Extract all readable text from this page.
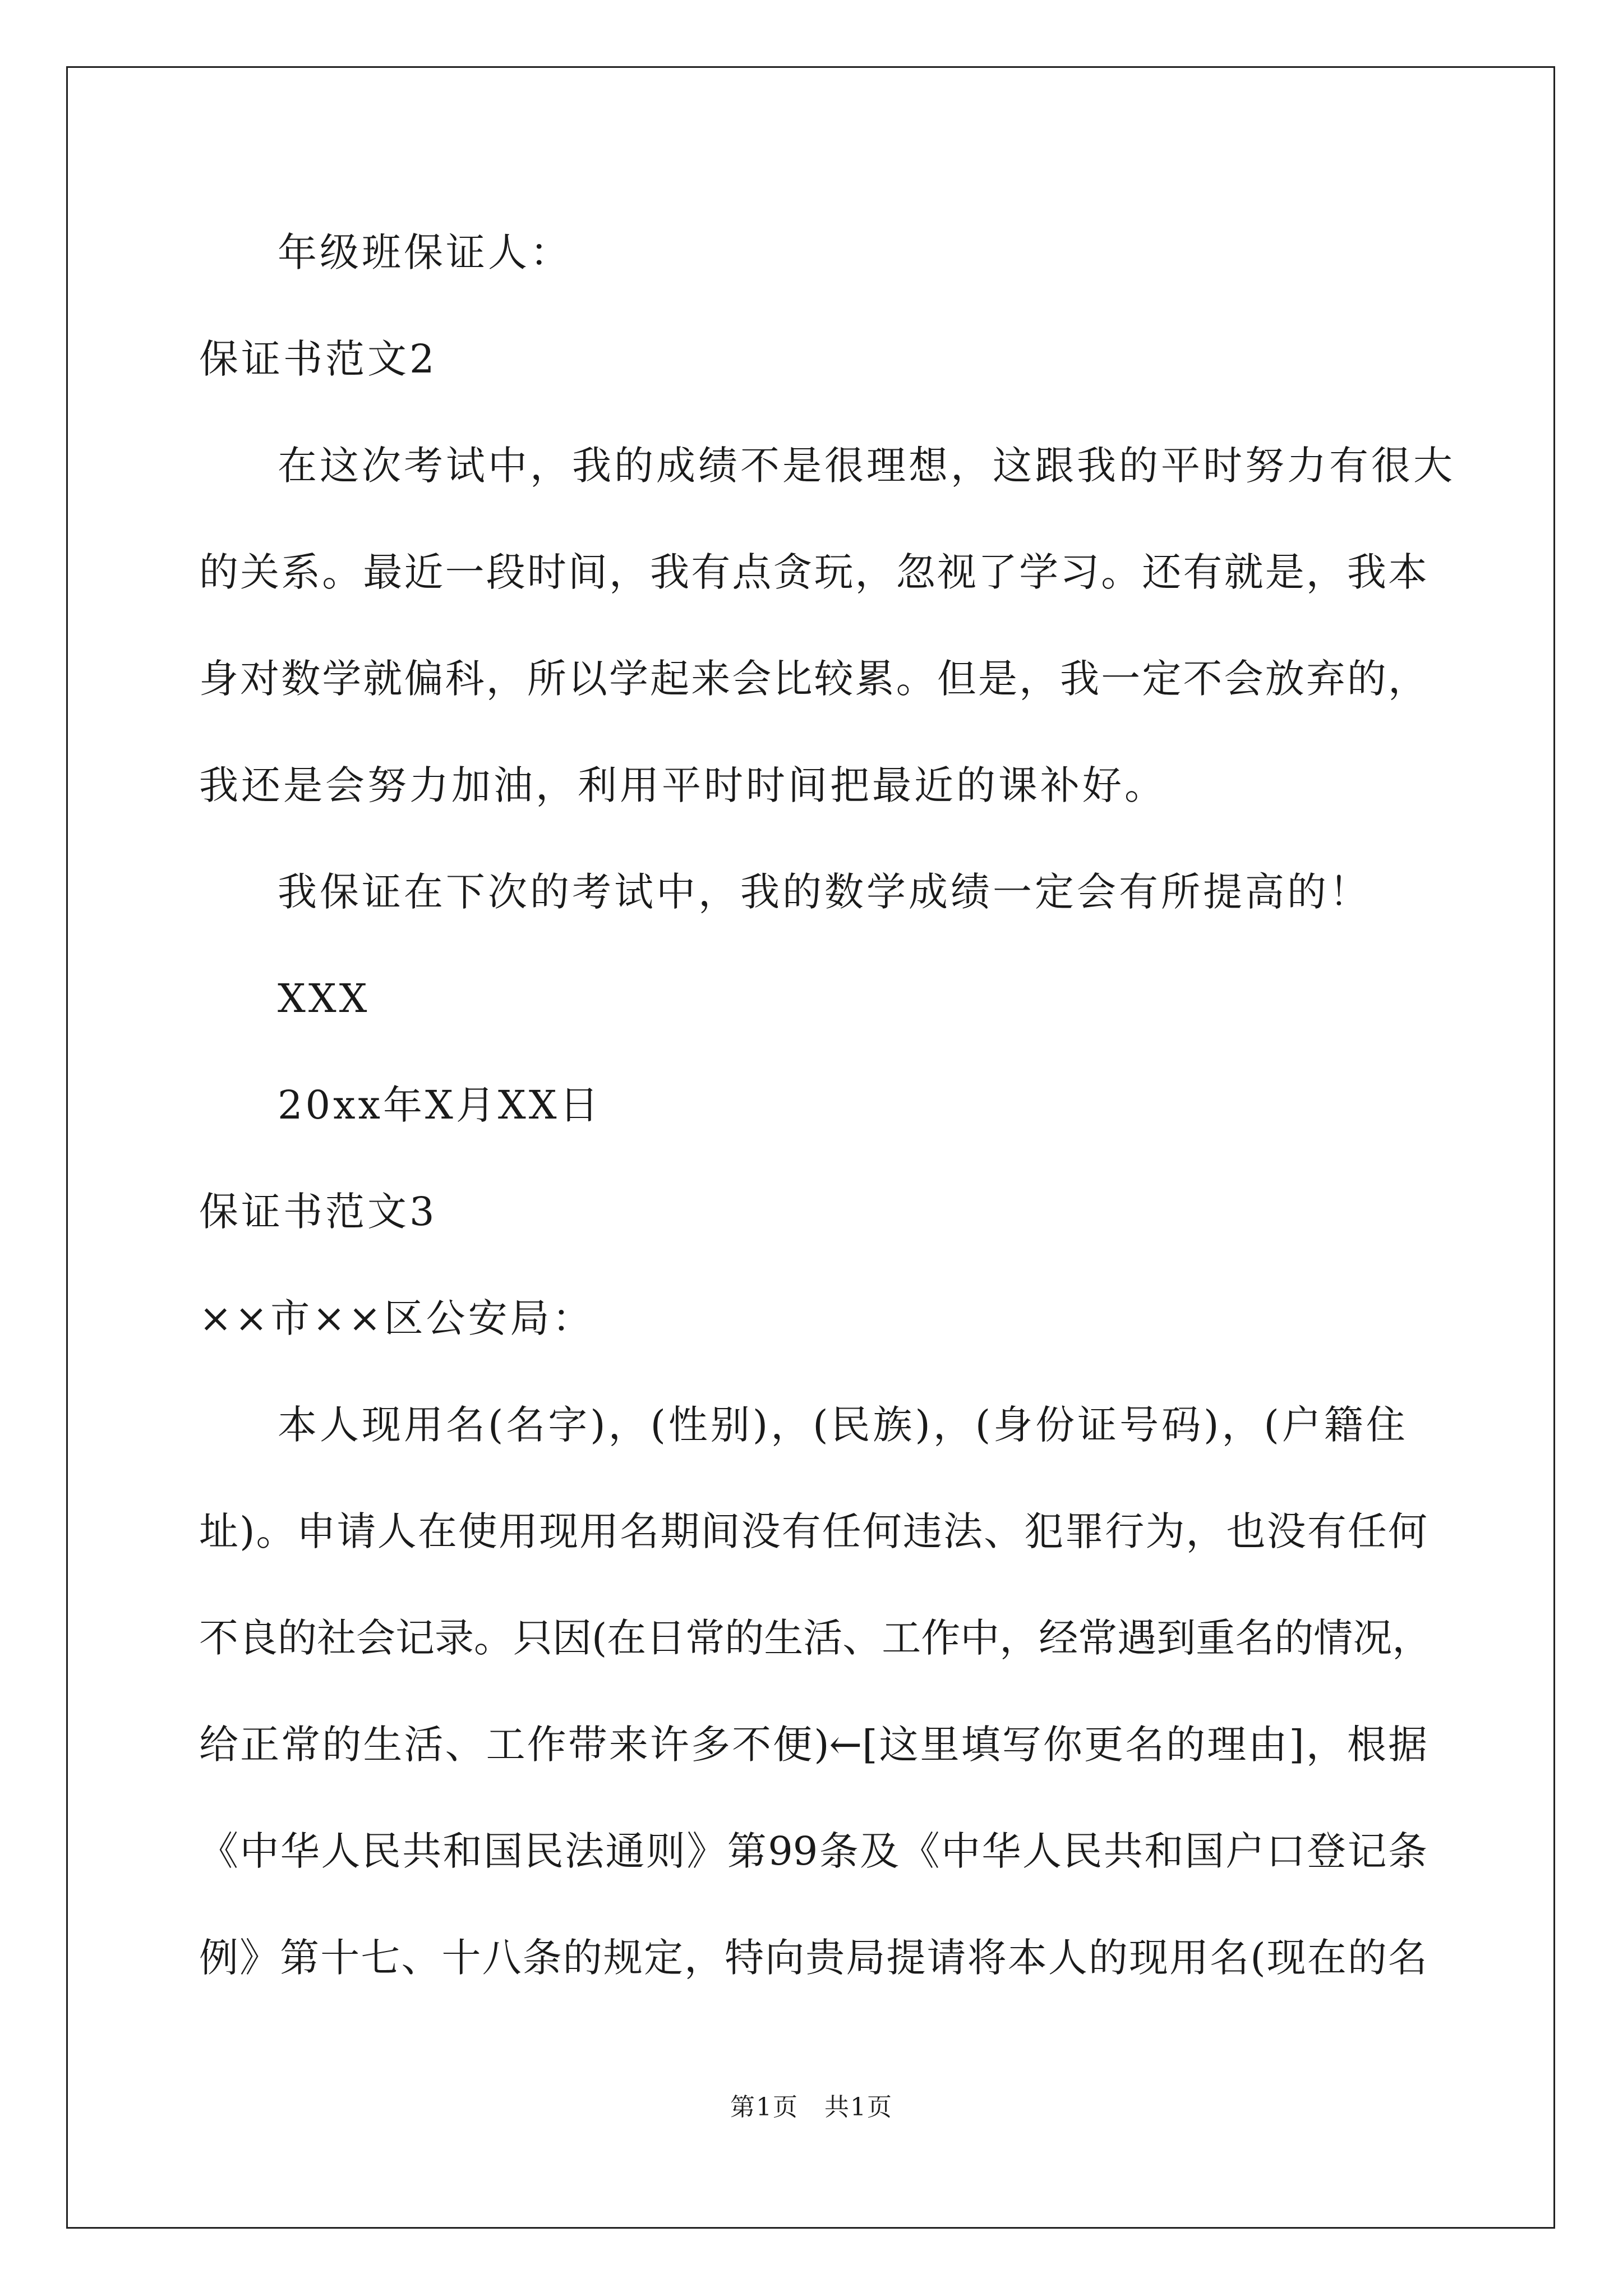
年级班保证人：
保证书范文2
在这次考试中，我的成绩不是很理想，这跟我的平时努力有很大
的关系。最近一段时间，我有点贪玩，忽视了学习。还有就是，我本
身对数学就偏科，所以学起来会比较累。但是，我一定不会放弃的，
我还是会努力加油，利用平时时间把最近的课补好。
我保证在下次的考试中，我的数学成绩一定会有所提高的！
XXX
20xx年X月XX日
保证书范文3
××市××区公安局：
本人现用名(名字)，(性别)，(民族)，(身份证号码)，(户籍住
址)。申请人在使用现用名期间没有任何违法、犯罪行为，也没有任何
不良的社会记录。只因(在日常的生活、工作中，经常遇到重名的情况，
给正常的生活、工作带来许多不便)←[这里填写你更名的理由]，根据
《中华人民共和国民法通则》第99条及《中华人民共和国户口登记条
例》第十七、十八条的规定，特向贵局提请将本人的现用名(现在的名
第1页　共1页
